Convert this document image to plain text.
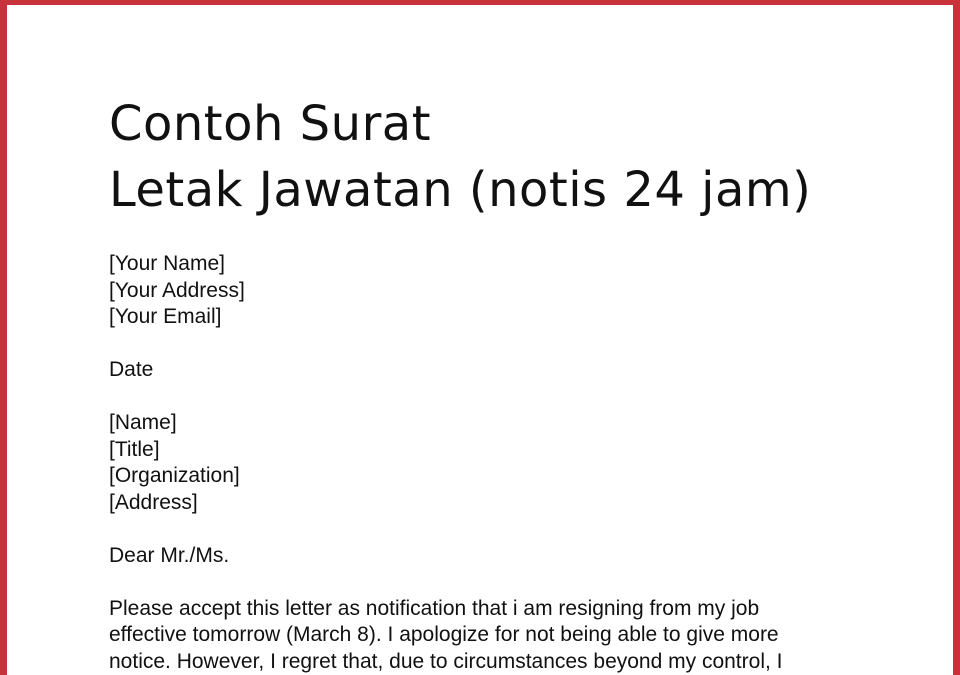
Contoh Surat
Letak Jawatan (notis 24 jam)
[Your Name]
[Your Address]
[Your Email]
Date
[Name]
[Title]
[Organization]
[Address]
Dear Mr./Ms.
Please accept this letter as notification that i am resigning from my job
effective tomorrow (March 8). I apologize for not being able to give more
notice. However, I regret that, due to circumstances beyond my control, I
